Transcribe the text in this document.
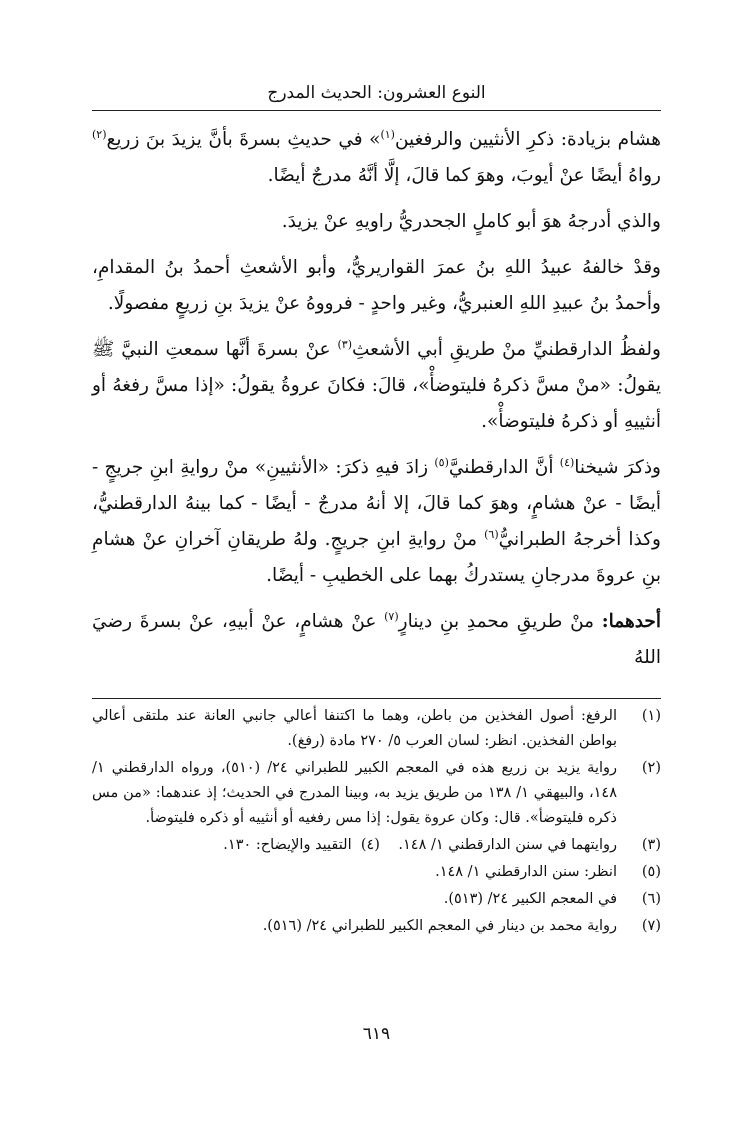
النوع العشرون: الحديث المدرج

هشام بزيادة: ذكرِ الأنثيين والرفغين$^{(١)}$» في حديثِ بسرةَ بأنَّ يزيدَ بنَ زريع$^{(٢)}$ رواهُ أيضًا عنْ أيوبَ، وهوَ كما قالَ، إلَّا أنَّهُ مدرجٌ أيضًا.

والذي أدرجهُ هوَ أبو كاملٍ الجحدريُّ راويهِ عنْ يزيدَ.

وقدْ خالفهُ عبيدُ اللهِ بنُ عمرَ القواريريُّ، وأبو الأشعثِ أحمدُ بنُ المقدامِ، وأحمدُ بنُ عبيدِ اللهِ العنبريُّ، وغير واحدٍ - فرووهُ عنْ يزيدَ بنِ زريعٍ مفصولًا.

ولفظُ الدارقطنيِّ منْ طريقِ أبي الأشعثِ$^{(٣)}$ عنْ بسرةَ أنَّها سمعتِ النبيَّ ﷺ يقولُ: «منْ مسَّ ذكرهُ فليتوضأْ»، قالَ: فكانَ عروةُ يقولُ: «إذا مسَّ رفغهُ أو أنثييهِ أو ذكرهُ فليتوضأْ».

وذكرَ شيخنا$^{(٤)}$ أنَّ الدارقطنيَّ$^{(٥)}$ زادَ فيهِ ذكرَ: «الأنثيينِ» منْ روايةِ ابنِ جريجٍ - أيضًا - عنْ هشامٍ، وهوَ كما قالَ، إلا أنهُ مدرجٌ - أيضًا - كما بينهُ الدارقطنيُّ، وكذا أخرجهُ الطبرانيُّ$^{(٦)}$ منْ روايةِ ابنِ جريجٍ. ولهُ طريقانِ آخرانِ عنْ هشامِ بنِ عروةَ مدرجانِ يستدركُ بهما على الخطيبِ - أيضًا.

أحدهما: منْ طريقِ محمدِ بنِ دينارٍ$^{(٧)}$ عنْ هشامٍ، عنْ أبيهِ، عنْ بسرةَ رضيَ اللهُ

(١)
الرفغ: أصول الفخذين من باطن، وهما ما اكتنفا أعالي جانبي العانة عند ملتقى أعالي بواطن الفخذين. انظر: لسان العرب ٥/ ٢٧٠ مادة (رفغ).
(٢)
رواية يزيد بن زريع هذه في المعجم الكبير للطبراني ٢٤/ (٥١٠)، ورواه الدارقطني ١/ ١٤٨، والبيهقي ١/ ١٣٨ من طريق يزيد به، وبينا المدرج في الحديث؛ إذ عندهما: «من مس ذكره فليتوضأ». قال: وكان عروة يقول: إذا مس رفغيه أو أنثييه أو ذكره فليتوضأ.
(٣)
روايتهما في سنن الدارقطني ١/ ١٤٨.    (٤)  التقييد والإيضاح: ١٣٠.
(٥)
انظر: سنن الدارقطني ١/ ١٤٨.
(٦)
في المعجم الكبير ٢٤/ (٥١٣).
(٧)
رواية محمد بن دينار في المعجم الكبير للطبراني ٢٤/ (٥١٦).
٦١٩
